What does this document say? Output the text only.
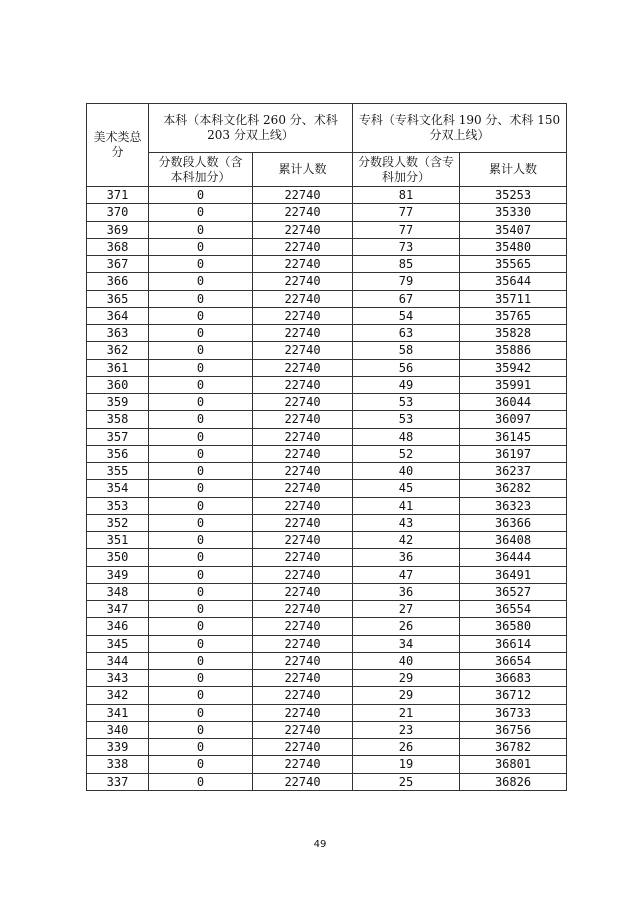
美术类总分	本科（本科文化科 260 分、术科 203 分双上线）		专科（专科文化科 190 分、术科 150 分双上线）	

	分数段人数（含本科加分）	累计人数	分数段人数（含专科加分）	累计人数

371	0	22740	81	35253
370	0	22740	77	35330
369	0	22740	77	35407
368	0	22740	73	35480
367	0	22740	85	35565
366	0	22740	79	35644
365	0	22740	67	35711
364	0	22740	54	35765
363	0	22740	63	35828
362	0	22740	58	35886
361	0	22740	56	35942
360	0	22740	49	35991
359	0	22740	53	36044
358	0	22740	53	36097
357	0	22740	48	36145
356	0	22740	52	36197
355	0	22740	40	36237
354	0	22740	45	36282
353	0	22740	41	36323
352	0	22740	43	36366
351	0	22740	42	36408
350	0	22740	36	36444
349	0	22740	47	36491
348	0	22740	36	36527
347	0	22740	27	36554
346	0	22740	26	36580
345	0	22740	34	36614
344	0	22740	40	36654
343	0	22740	29	36683
342	0	22740	29	36712
341	0	22740	21	36733
340	0	22740	23	36756
339	0	22740	26	36782
338	0	22740	19	36801
337	0	22740	25	36826
49
